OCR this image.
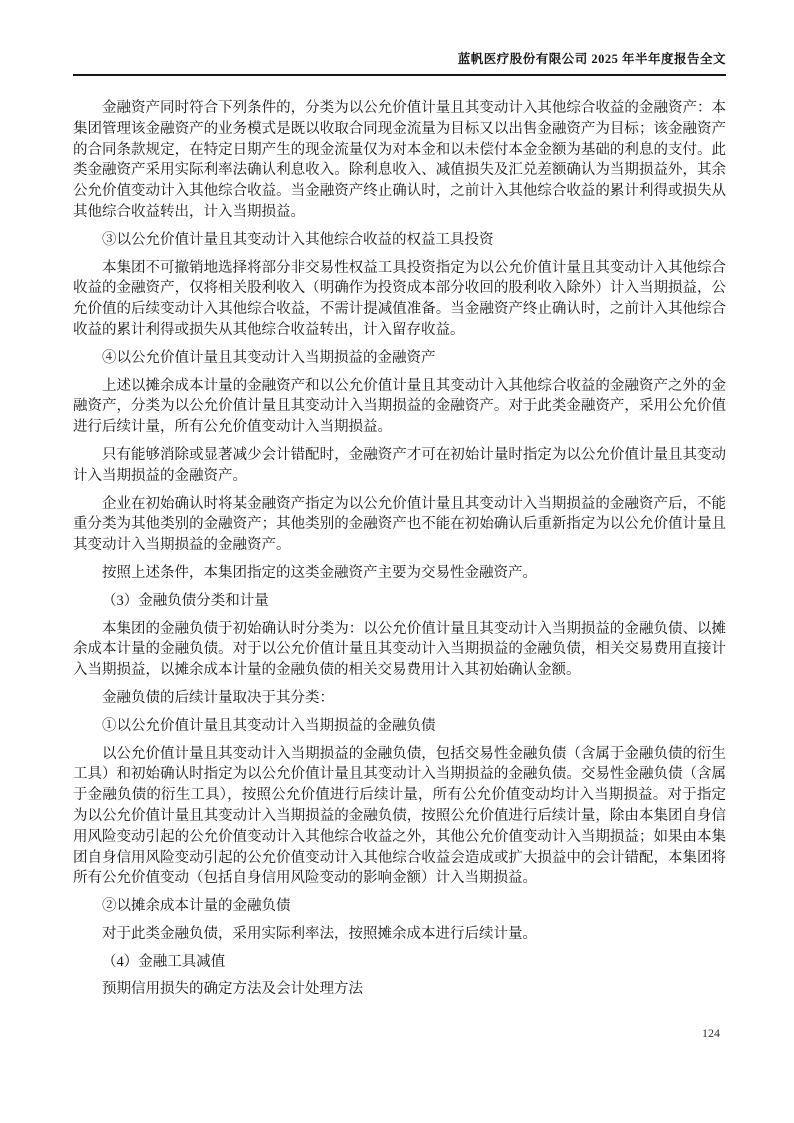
蓝帆医疗股份有限公司 2025 年半年度报告全文

金融资产同时符合下列条件的，分类为以公允价值计量且其变动计入其他综合收益的金融资产：本集团管理该金融资产的业务模式是既以收取合同现金流量为目标又以出售金融资产为目标；该金融资产的合同条款规定，在特定日期产生的现金流量仅为对本金和以未偿付本金金额为基础的利息的支付。此类金融资产采用实际利率法确认利息收入。除利息收入、减值损失及汇兑差额确认为当期损益外，其余公允价值变动计入其他综合收益。当金融资产终止确认时，之前计入其他综合收益的累计利得或损失从其他综合收益转出，计入当期损益。

③以公允价值计量且其变动计入其他综合收益的权益工具投资

本集团不可撤销地选择将部分非交易性权益工具投资指定为以公允价值计量且其变动计入其他综合收益的金融资产，仅将相关股利收入（明确作为投资成本部分收回的股利收入除外）计入当期损益，公允价值的后续变动计入其他综合收益，不需计提减值准备。当金融资产终止确认时，之前计入其他综合收益的累计利得或损失从其他综合收益转出，计入留存收益。

④以公允价值计量且其变动计入当期损益的金融资产

上述以摊余成本计量的金融资产和以公允价值计量且其变动计入其他综合收益的金融资产之外的金融资产，分类为以公允价值计量且其变动计入当期损益的金融资产。对于此类金融资产，采用公允价值进行后续计量，所有公允价值变动计入当期损益。

只有能够消除或显著减少会计错配时，金融资产才可在初始计量时指定为以公允价值计量且其变动计入当期损益的金融资产。

企业在初始确认时将某金融资产指定为以公允价值计量且其变动计入当期损益的金融资产后，不能重分类为其他类别的金融资产；其他类别的金融资产也不能在初始确认后重新指定为以公允价值计量且其变动计入当期损益的金融资产。

按照上述条件，本集团指定的这类金融资产主要为交易性金融资产。

（3）金融负债分类和计量

本集团的金融负债于初始确认时分类为：以公允价值计量且其变动计入当期损益的金融负债、以摊余成本计量的金融负债。对于以公允价值计量且其变动计入当期损益的金融负债，相关交易费用直接计入当期损益，以摊余成本计量的金融负债的相关交易费用计入其初始确认金额。

金融负债的后续计量取决于其分类：

①以公允价值计量且其变动计入当期损益的金融负债

以公允价值计量且其变动计入当期损益的金融负债，包括交易性金融负债（含属于金融负债的衍生工具）和初始确认时指定为以公允价值计量且其变动计入当期损益的金融负债。交易性金融负债（含属于金融负债的衍生工具），按照公允价值进行后续计量，所有公允价值变动均计入当期损益。对于指定为以公允价值计量且其变动计入当期损益的金融负债，按照公允价值进行后续计量，除由本集团自身信用风险变动引起的公允价值变动计入其他综合收益之外，其他公允价值变动计入当期损益；如果由本集团自身信用风险变动引起的公允价值变动计入其他综合收益会造成或扩大损益中的会计错配，本集团将所有公允价值变动（包括自身信用风险变动的影响金额）计入当期损益。

②以摊余成本计量的金融负债

对于此类金融负债，采用实际利率法，按照摊余成本进行后续计量。

（4）金融工具减值

预期信用损失的确定方法及会计处理方法

124
